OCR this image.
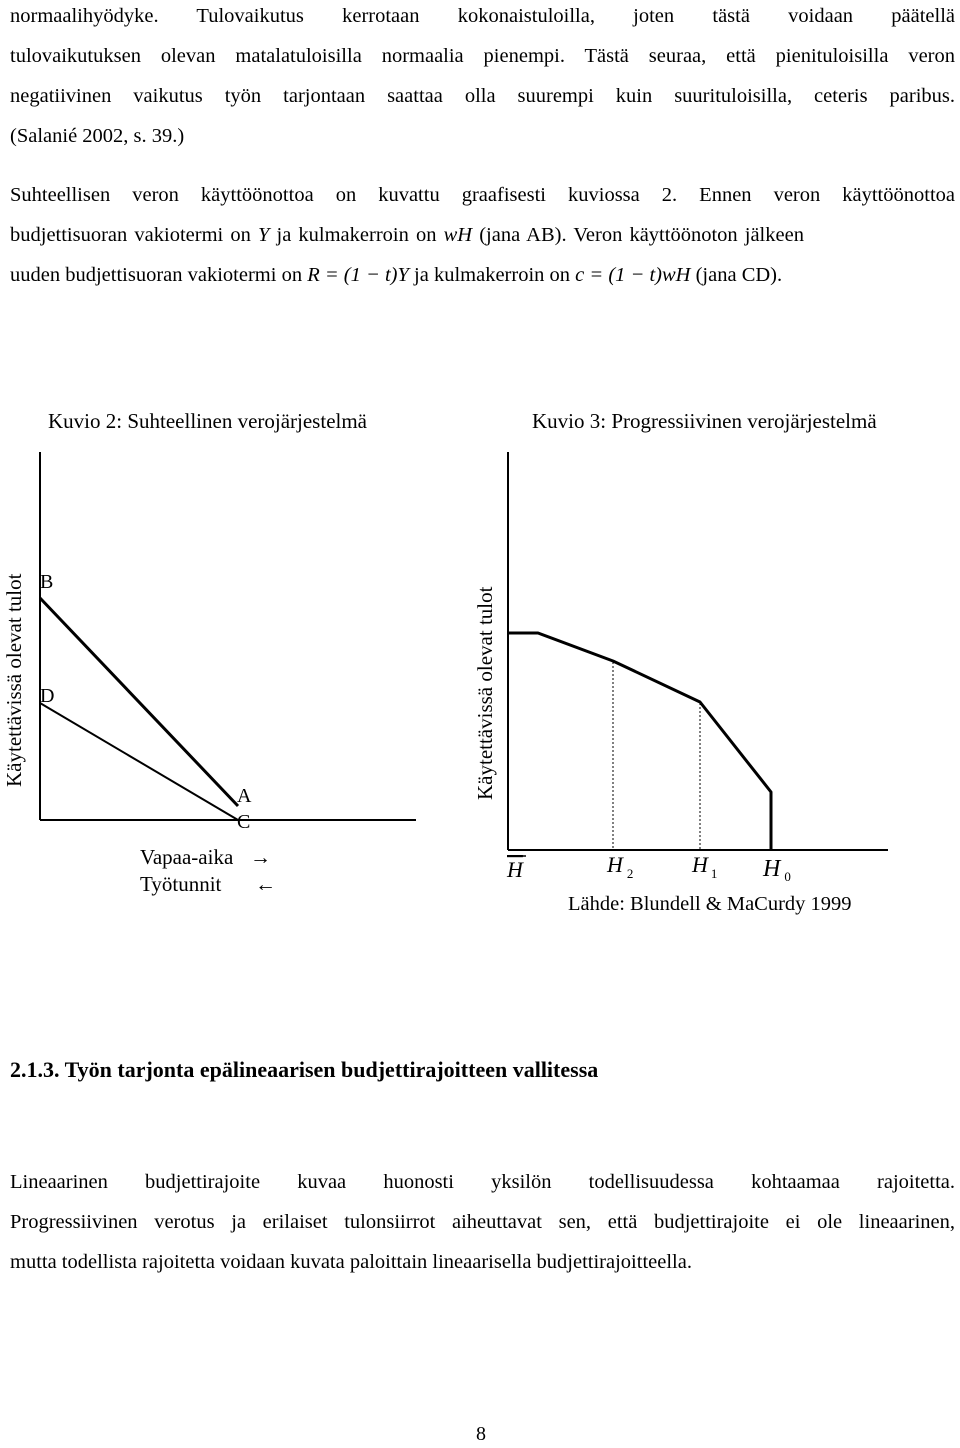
normaalihyödyke. Tulovaikutus kerrotaan kokonaistuloilla, joten tästä voidaan päätellä
tulovaikutuksen olevan matalatuloisilla normaalia pienempi. Tästä seuraa, että pienituloisilla veron
negatiivinen vaikutus työn tarjontaan saattaa olla suurempi kuin suurituloisilla, ceteris paribus.
(Salanié 2002, s. 39.)
Suhteellisen veron käyttöönottoa on kuvattu graafisesti kuviossa 2. Ennen veron käyttöönottoa
budjettisuoran vakiotermi on Y ja kulmakerroin on wH (jana AB). Veron käyttöönoton jälkeen
uuden budjettisuoran vakiotermi on R = (1 − t)Y ja kulmakerroin on c = (1 − t)wH (jana CD).
Kuvio 2: Suhteellinen verojärjestelmä	Kuvio 3: Progressiivinen verojärjestelmä
Käytettävissä olevat tulot B
D
A
C
Vapaa-aika →
Työtunnit ←
Käytettävissä olevat tulot
H	H $_2$	H $_1$ H $_0$
Lähde: Blundell & MaCurdy 1999
2.1.3. Työn tarjonta epälineaarisen budjettirajoitteen vallitessa
Lineaarinen budjettirajoite kuvaa huonosti yksilön todellisuudessa kohtaamaa rajoitetta.
Progressiivinen verotus ja erilaiset tulonsiirrot aiheuttavat sen, että budjettirajoite ei ole lineaarinen,
mutta todellista rajoitetta voidaan kuvata paloittain lineaarisella budjettirajoitteella.
8
